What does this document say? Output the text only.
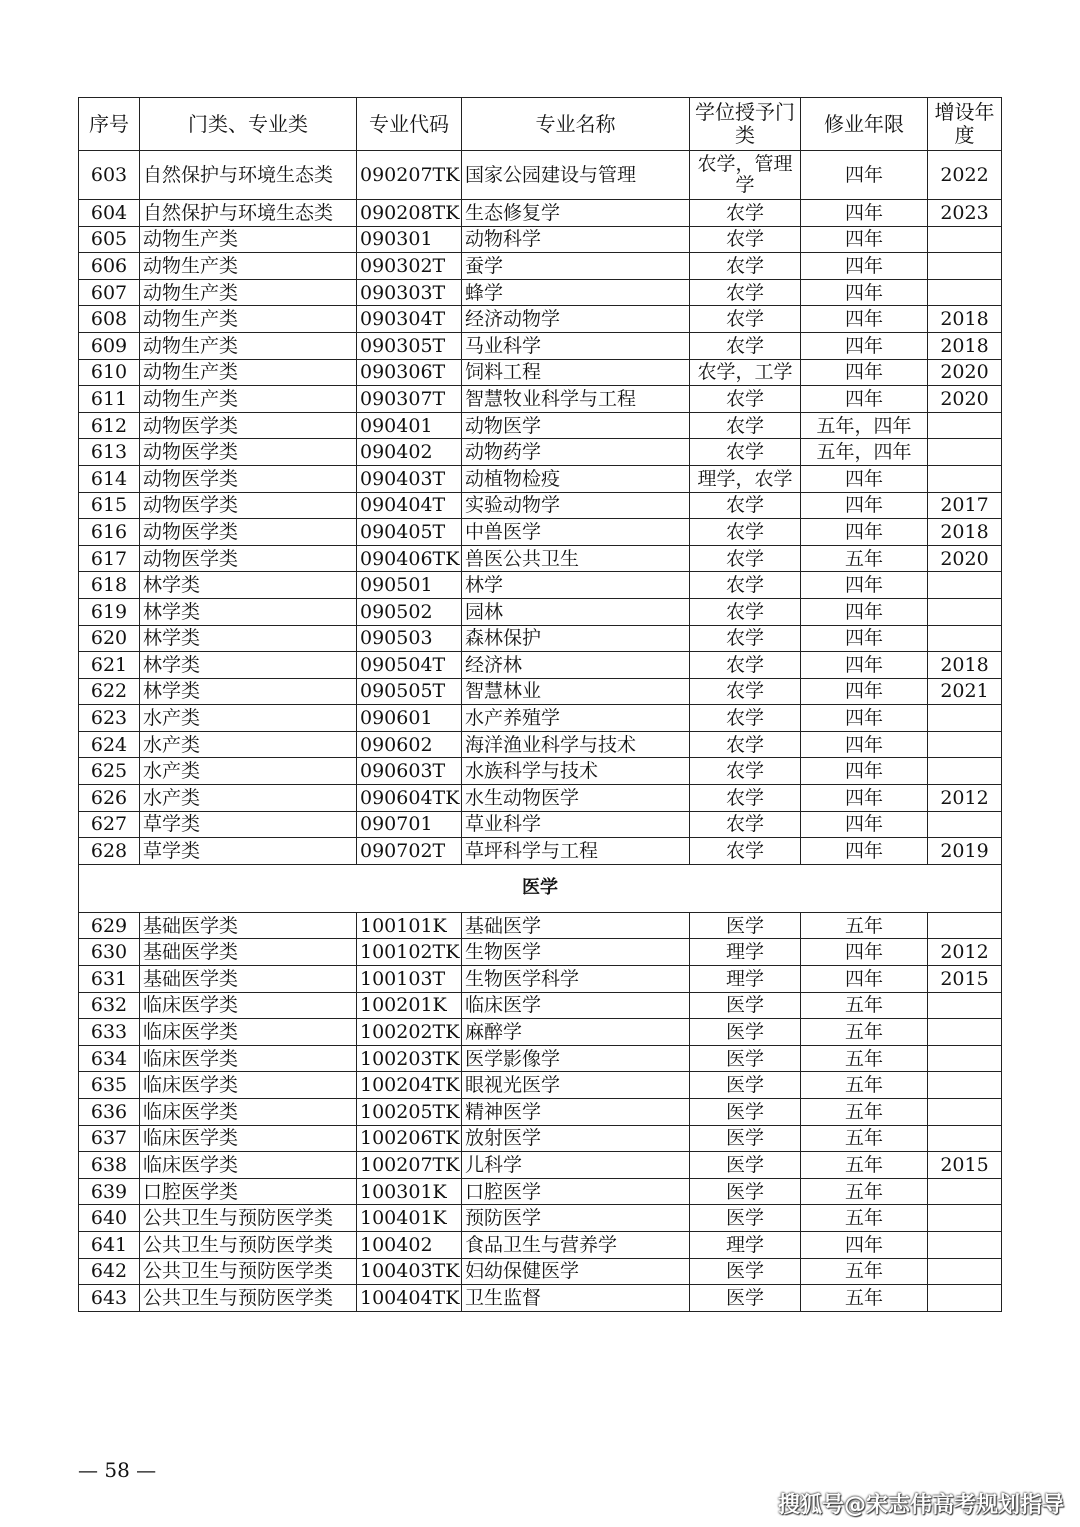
序号	门类、专业类	专业代码	专业名称	学位授予门类	修业年限	增设年度
603	自然保护与环境生态类	090207TK	国家公园建设与管理	农学，管理学	四年	2022
604	自然保护与环境生态类	090208TK	生态修复学	农学	四年	2023
605	动物生产类	090301	动物科学	农学	四年	
606	动物生产类	090302T	蚕学	农学	四年	
607	动物生产类	090303T	蜂学	农学	四年	
608	动物生产类	090304T	经济动物学	农学	四年	2018
609	动物生产类	090305T	马业科学	农学	四年	2018
610	动物生产类	090306T	饲料工程	农学，工学	四年	2020
611	动物生产类	090307T	智慧牧业科学与工程	农学	四年	2020
612	动物医学类	090401	动物医学	农学	五年，四年	
613	动物医学类	090402	动物药学	农学	五年，四年	
614	动物医学类	090403T	动植物检疫	理学，农学	四年	
615	动物医学类	090404T	实验动物学	农学	四年	2017
616	动物医学类	090405T	中兽医学	农学	四年	2018
617	动物医学类	090406TK	兽医公共卫生	农学	五年	2020
618	林学类	090501	林学	农学	四年	
619	林学类	090502	园林	农学	四年	
620	林学类	090503	森林保护	农学	四年	
621	林学类	090504T	经济林	农学	四年	2018
622	林学类	090505T	智慧林业	农学	四年	2021
623	水产类	090601	水产养殖学	农学	四年	
624	水产类	090602	海洋渔业科学与技术	农学	四年	
625	水产类	090603T	水族科学与技术	农学	四年	
626	水产类	090604TK	水生动物医学	农学	四年	2012
627	草学类	090701	草业科学	农学	四年	
628	草学类	090702T	草坪科学与工程	农学	四年	2019
医学						
629	基础医学类	100101K	基础医学	医学	五年	
630	基础医学类	100102TK	生物医学	理学	四年	2012
631	基础医学类	100103T	生物医学科学	理学	四年	2015
632	临床医学类	100201K	临床医学	医学	五年	
633	临床医学类	100202TK	麻醉学	医学	五年	
634	临床医学类	100203TK	医学影像学	医学	五年	
635	临床医学类	100204TK	眼视光医学	医学	五年	
636	临床医学类	100205TK	精神医学	医学	五年	
637	临床医学类	100206TK	放射医学	医学	五年	
638	临床医学类	100207TK	儿科学	医学	五年	2015
639	口腔医学类	100301K	口腔医学	医学	五年	
640	公共卫生与预防医学类	100401K	预防医学	医学	五年	
641	公共卫生与预防医学类	100402	食品卫生与营养学	理学	四年	
642	公共卫生与预防医学类	100403TK	妇幼保健医学	医学	五年	
643	公共卫生与预防医学类	100404TK	卫生监督	医学	五年	
— 58 —
搜狐号@宋志伟高考规划指导
